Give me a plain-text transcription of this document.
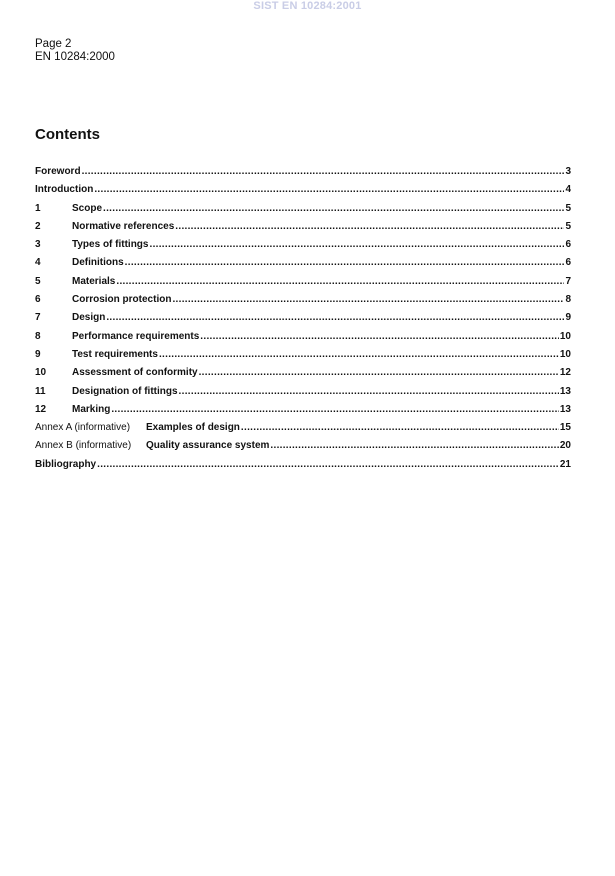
SIST EN 10284:2001
Page 2
EN 10284:2000
Contents
Foreword .....	3
Introduction .....	4
1	Scope .....	5
2	Normative references .....	5
3	Types of fittings .....	6
4	Definitions .....	6
5	Materials .....	7
6	Corrosion protection .....	8
7	Design .....	9
8	Performance requirements .....	10
9	Test requirements .....	10
10	Assessment of conformity .....	12
11	Designation of fittings .....	13
12	Marking .....	13
Annex A (informative)	Examples of design .....	15
Annex B (informative)	Quality assurance system .....	20
Bibliography .....	21
